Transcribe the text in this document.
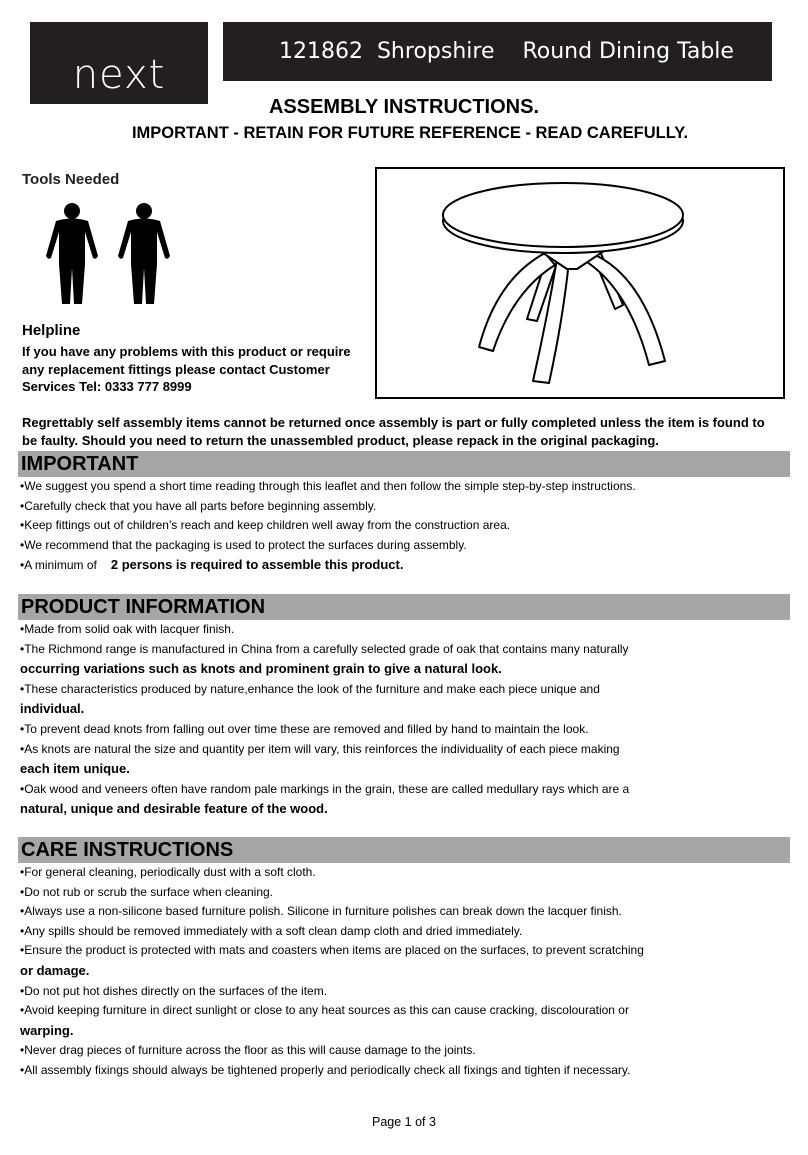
next
121862  Shropshire    Round Dining Table
ASSEMBLY INSTRUCTIONS.
IMPORTANT - RETAIN FOR FUTURE REFERENCE - READ CAREFULLY.
Tools Needed
Helpline
If you have any problems with this product or require any replacement fittings please contact Customer Services Tel: 0333 777 8999
Regrettably self assembly items cannot be returned once assembly is part or fully completed unless the item is found to be faulty. Should you need to return the unassembled product, please repack in the original packaging.
IMPORTANT
• We suggest you spend a short time reading through this leaflet and then follow the simple step-by-step instructions.
• Carefully check that you have all parts before beginning assembly.
• Keep fittings out of children's reach and keep children well away from the construction area.
• We recommend that the packaging is used to protect the surfaces during assembly.
• A minimum of 2 persons is required to assemble this product.
PRODUCT INFORMATION
• Made from solid oak with lacquer finish.
• The Richmond range is manufactured in China from a carefully selected grade of oak that contains many naturally
occurring variations such as knots and prominent grain to give a natural look.
• These characteristics produced by nature,enhance the look of the furniture and make each piece unique and
individual.
• To prevent dead knots from falling out over time these are removed and filled by hand to maintain the look.
• As knots are natural the size and quantity per item will vary, this reinforces the individuality of each piece making
each item unique.
• Oak wood and veneers often have random pale markings in the grain, these are called medullary rays which are a
natural, unique and desirable feature of the wood.
CARE INSTRUCTIONS
• For general cleaning, periodically dust with a soft cloth.
• Do not rub or scrub the surface when cleaning.
• Always use a non-silicone based furniture polish. Silicone in furniture polishes can break down the lacquer finish.
• Any spills should be removed immediately with a soft clean damp cloth and dried immediately.
• Ensure the product is protected with mats and coasters when items are placed on the surfaces, to prevent scratching
or damage.
• Do not put hot dishes directly on the surfaces of the item.
• Avoid keeping furniture in direct sunlight or close to any heat sources as this can cause cracking, discolouration or
warping.
• Never drag pieces of furniture across the floor as this will cause damage to the joints.
• All assembly fixings should always be tightened properly and periodically check all fixings and tighten if necessary.
Page 1 of 3
